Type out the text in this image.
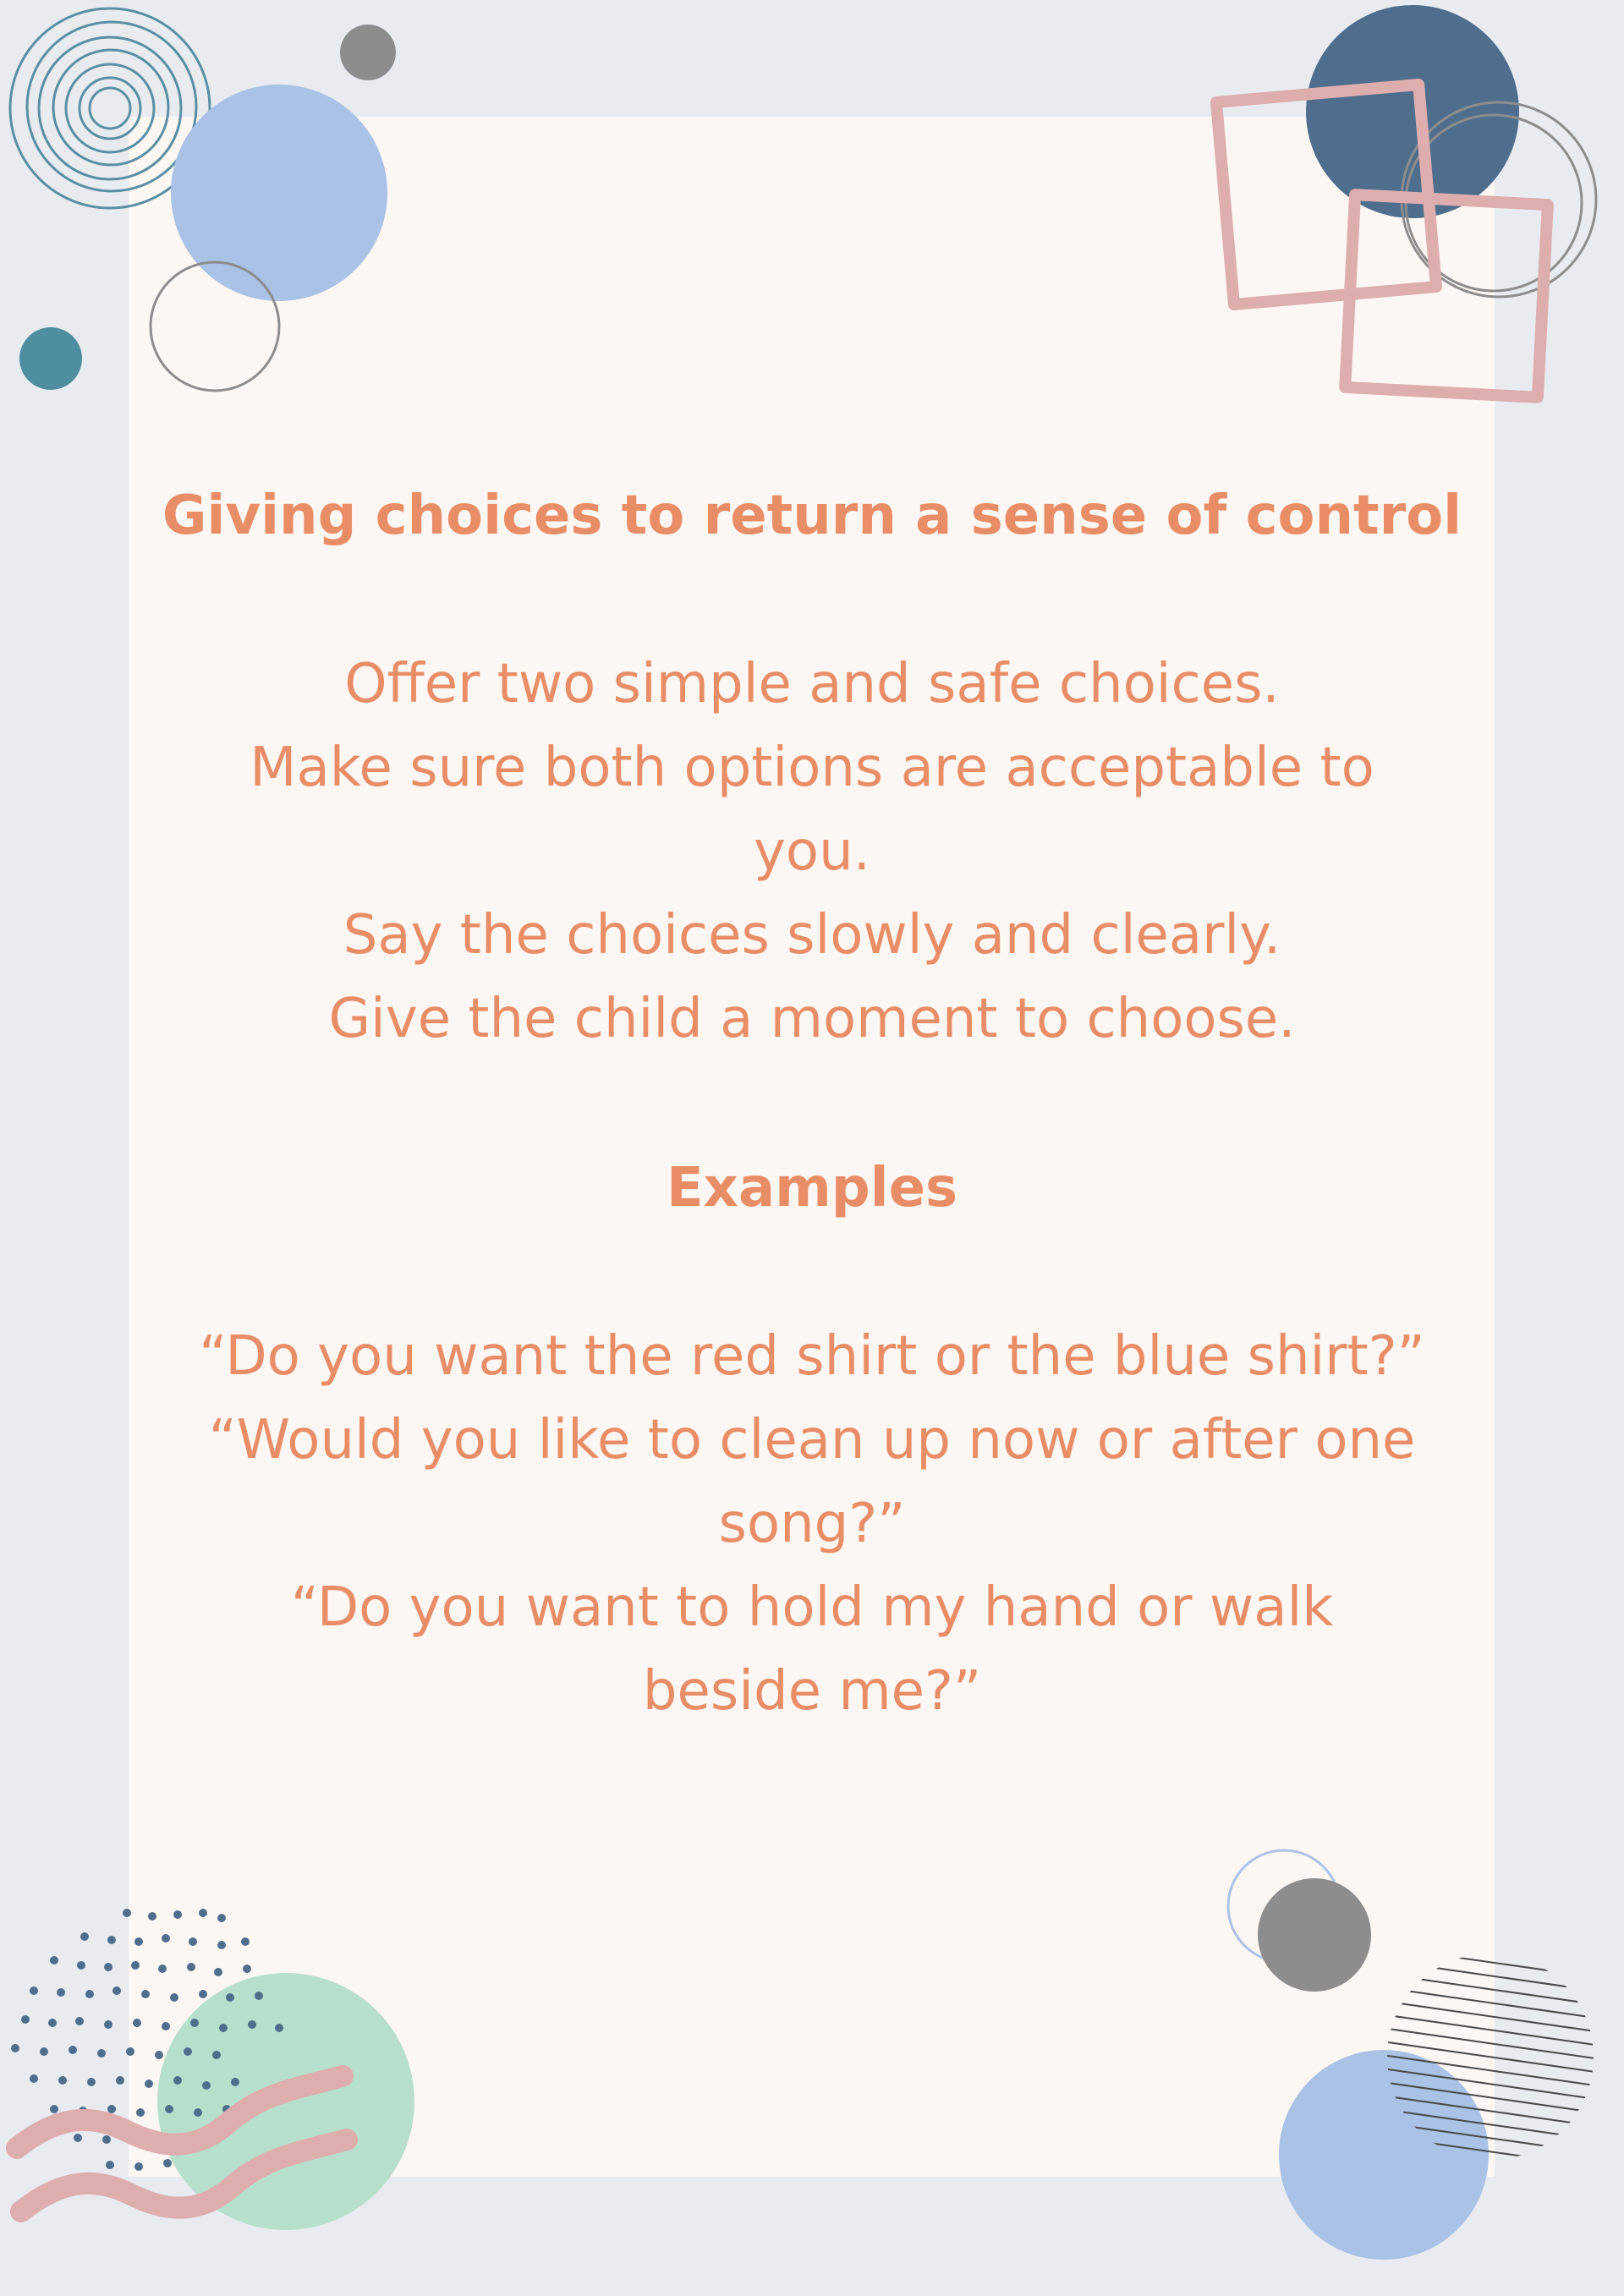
Giving choices to return a sense of control

Offer two simple and safe choices.

Make sure both options are acceptable to

you.

Say the choices slowly and clearly.

Give the child a moment to choose.

Examples

“Do you want the red shirt or the blue shirt?”

“Would you like to clean up now or after one

song?”

“Do you want to hold my hand or walk

beside me?”
